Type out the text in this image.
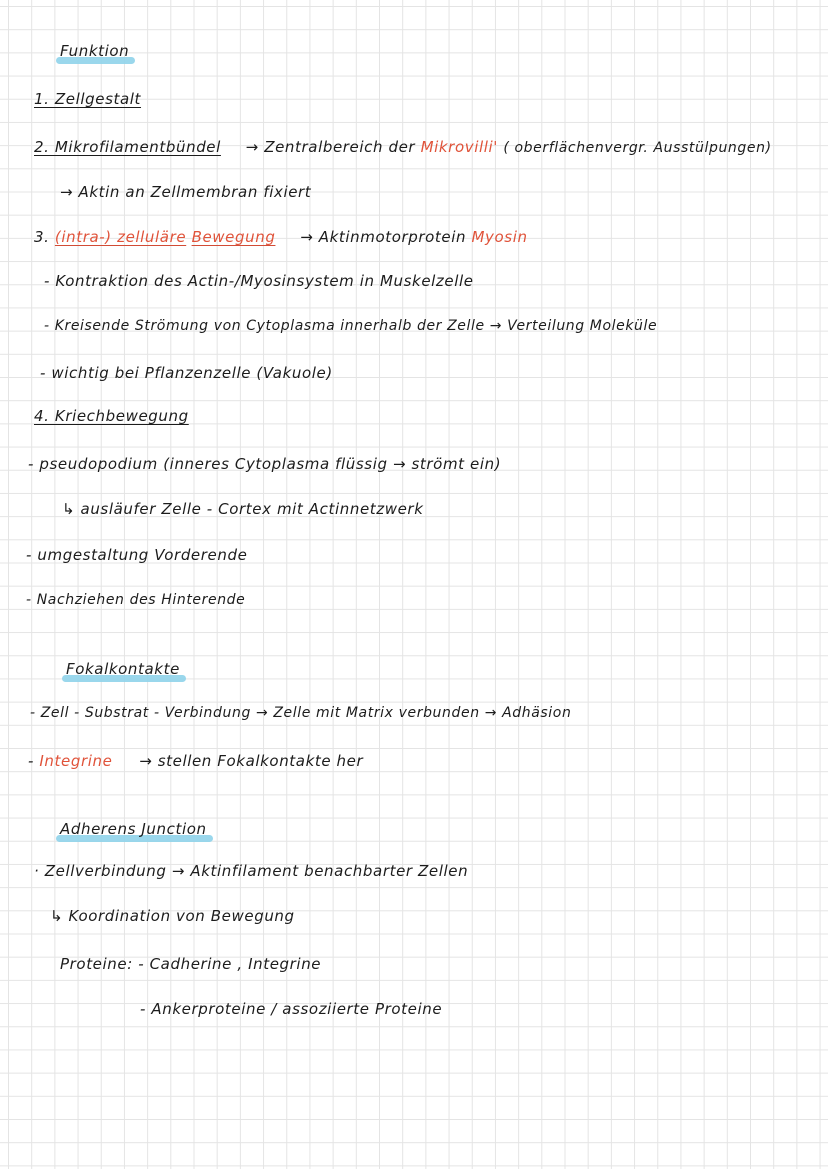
Funktion
1. Zellgestalt
2. Mikrofilamentbündel → Zentralbereich der Mikrovilli' ( oberflächenvergr. Ausstülpungen)
→ Aktin an Zellmembran fixiert
3. (intra-) zelluläre Bewegung → Aktinmotorprotein Myosin
- Kontraktion des Actin-/Myosinsystem in Muskelzelle
- Kreisende Strömung von Cytoplasma innerhalb der Zelle → Verteilung Moleküle
- wichtig bei Pflanzenzelle (Vakuole)
4. Kriechbewegung
- pseudopodium (inneres Cytoplasma flüssig → strömt ein)
↳ ausläufer Zelle - Cortex mit Actinnetzwerk
- umgestaltung Vorderende
- Nachziehen des Hinterende
Fokalkontakte
- Zell - Substrat - Verbindung → Zelle mit Matrix verbunden → Adhäsion
- Integrine → stellen Fokalkontakte her
Adherens Junction
· Zellverbindung → Aktinfilament benachbarter Zellen
↳ Koordination von Bewegung
Proteine: - Cadherine , Integrine
- Ankerproteine / assoziierte Proteine
